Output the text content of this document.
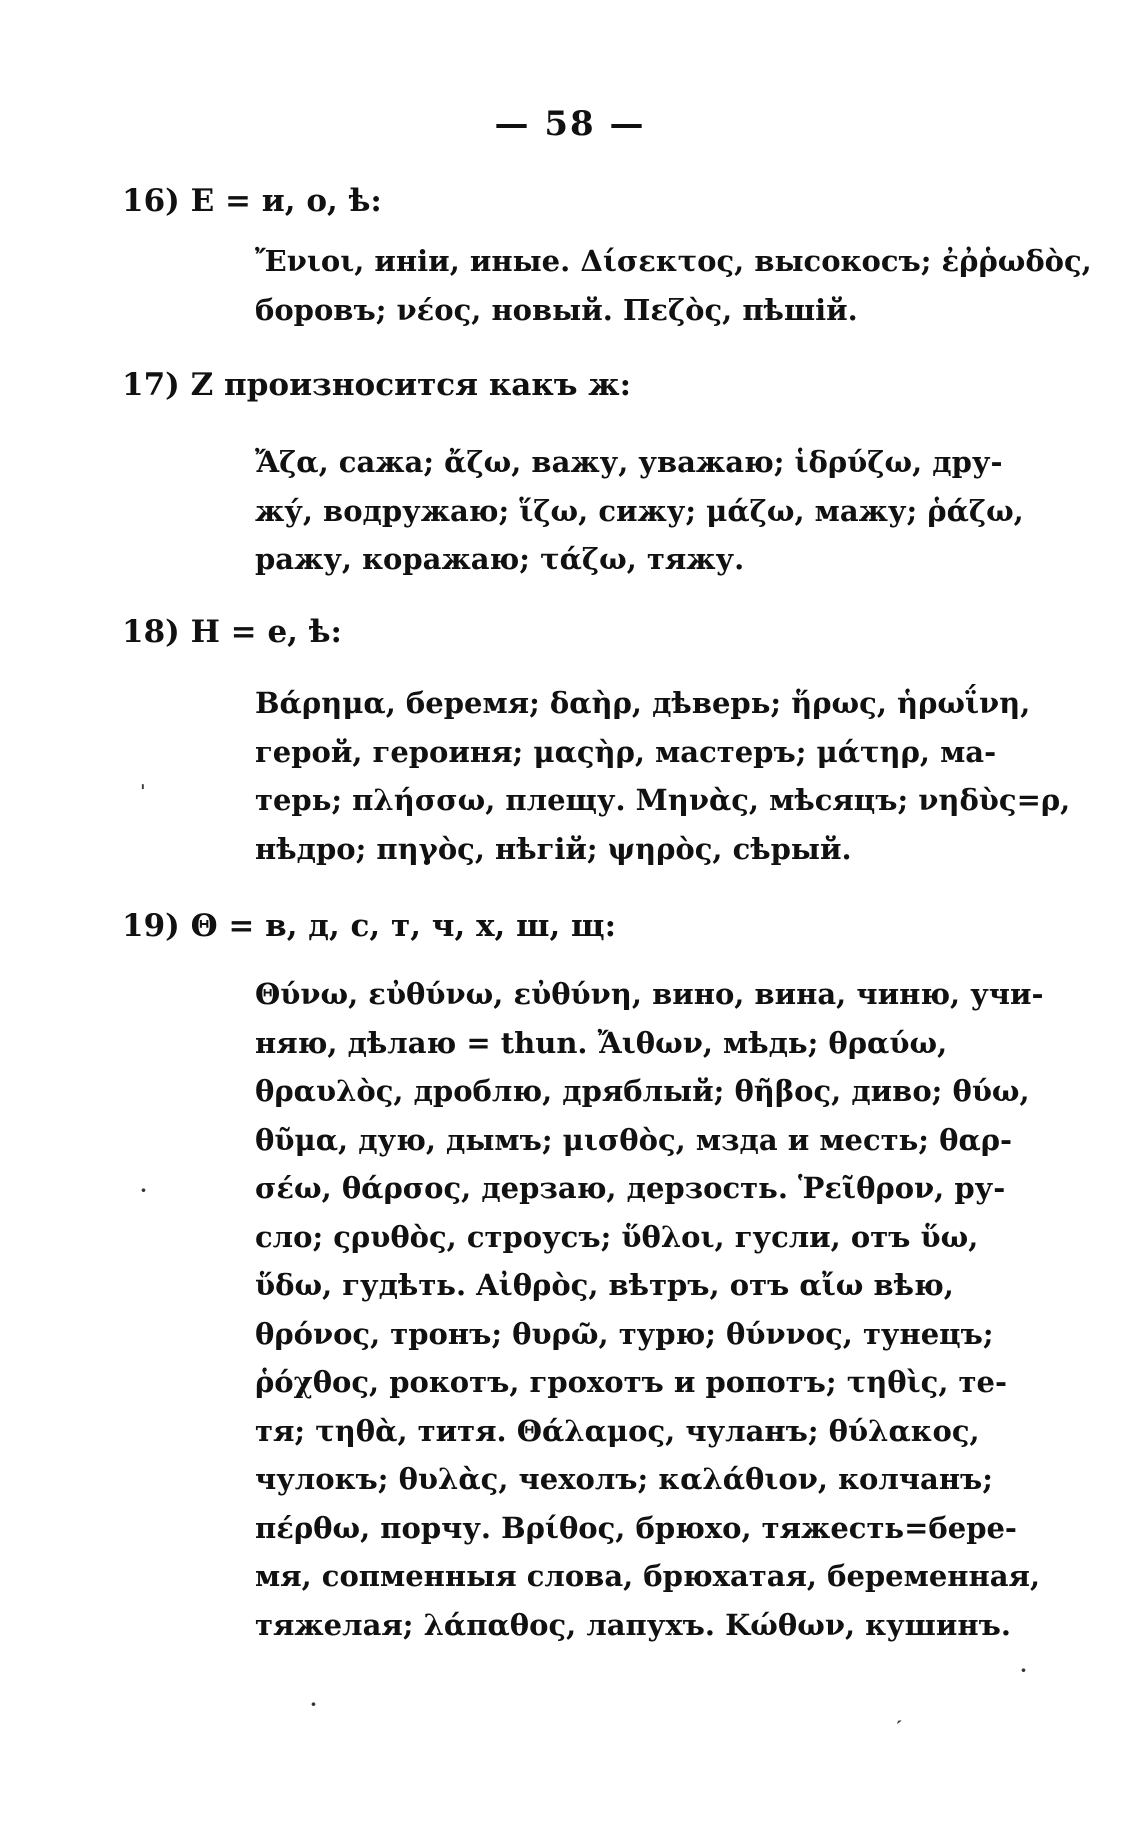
— 58 —
16) Ε = и, о, ѣ:
Ἔνιοι, иніи, иные. Δίσεκτος, высокосъ; ἐῤῥωδὸς,
боровъ; νέος, новый. Πεζὸς, пѣшій.
17) Ζ произносится какъ ж:
Ἄζα, сажа; ἄζω, важу, уважаю; ἱδρύζω, дру-
жу́, водружаю; ἵζω, сижу; μάζω, мажу; ῥάζω,
ражу, коражаю; τάζω, тяжу.
18) Η = е, ѣ:
Βάρημα, беремя; δαὴρ, дѣверь; ἥρως, ἡρωΐνη,
герой, героиня; μαςὴρ, мастеръ; μάτηρ, ма-
терь; πλήσσω, плещу. Μηνὰς, мѣсяцъ; νηδὺς=ρ,
нѣдро; πηγὸς, нѣгій; ψηρὸς, сѣрый.
19) Θ = в, д, с, т, ч, х, ш, щ:
Θύνω, εὐθύνω, εὐθύνη, вино, вина, чиню, учи-
няю, дѣлаю = thun. Ἄιθων, мѣдь; θραύω,
θραυλὸς, дроблю, дряблый; θῆβος, диво; θύω,
θῦμα, дую, дымъ; μισθὸς, мзда и месть; θαρ-
σέω, θάρσος, дерзаю, дерзость. Ῥεῖθρον, ру-
сло; ςρυθὸς, строусъ; ὕθλοι, гусли, отъ ὕω,
ὕδω, гудѣть. Αἰθρὸς, вѣтръ, отъ αἴω вѣю,
θρόνος, тронъ; θυρῶ, турю; θύννος, тунецъ;
ῥόχθος, рокотъ, грохотъ и ропотъ; τηθὶς, те-
тя; τηθὰ, титя. Θάλαμος, чуланъ; θύλακος,
чулокъ; θυλὰς, чехолъ; καλάθιον, колчанъ;
πέρθω, порчу. Βρίθος, брюхо, тяжесть=бере-
мя, сопменныя слова, брюхатая, беременная,
тяжелая; λάπαθος, лапухъ. Κώθων, кушинъ.
ˈ
·
·
·	ˏ
